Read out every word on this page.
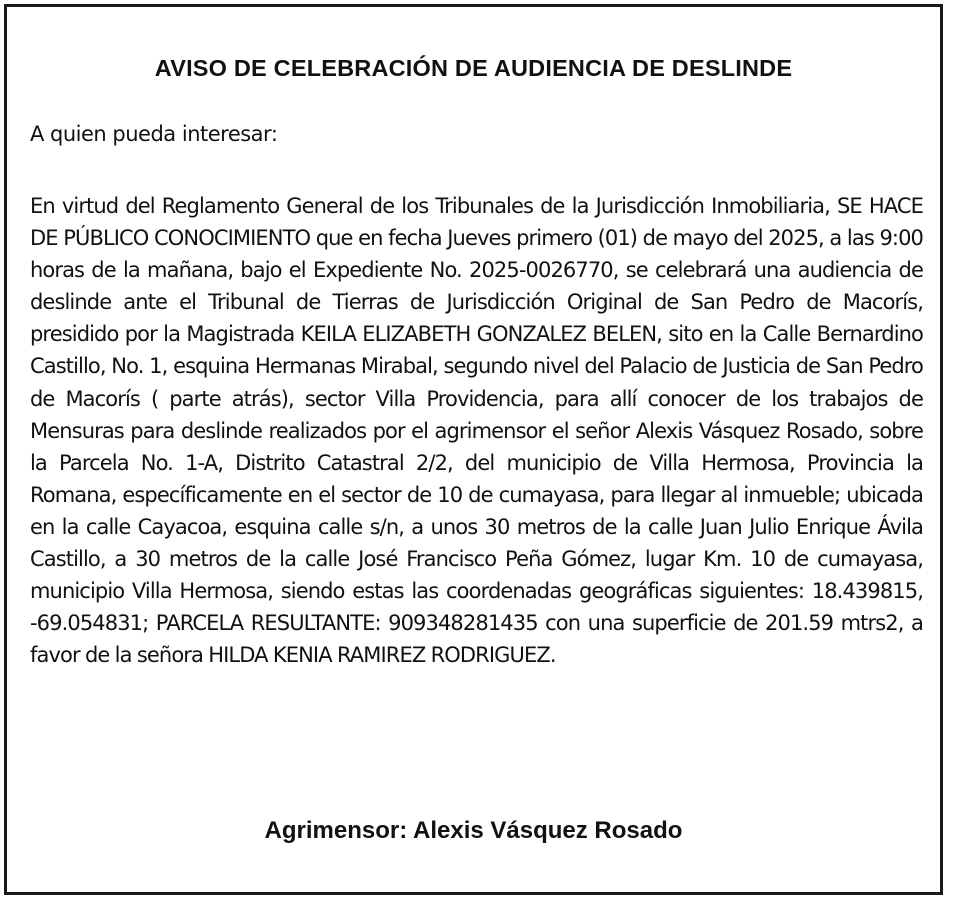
AVISO DE CELEBRACIÓN DE AUDIENCIA DE DESLINDE

A quien pueda interesar:

En virtud del Reglamento General de los Tribunales de la Jurisdicción Inmobiliaria, SE HACE DE PÚBLICO CONOCIMIENTO que en fecha Jueves primero (01) de mayo del 2025, a las 9:00 horas de la mañana, bajo el Expediente No. 2025-0026770, se celebrará una audiencia de deslinde ante el Tribunal de Tierras de Jurisdicción Original de San Pedro de Macorís, presidido por la Magistrada KEILA ELIZABETH GONZALEZ BELEN, sito en la Calle Bernardino Castillo, No. 1, esquina Hermanas Mirabal, segundo nivel del Palacio de Justicia de San Pedro de Macorís ( parte atrás), sector Villa Providencia, para allí conocer de los trabajos de Mensuras para deslinde realizados por el agrimensor el señor Alexis Vásquez Rosado, sobre la Parcela No. 1-A, Distrito Catastral 2/2, del municipio de Villa Hermosa, Provincia la Romana, específicamente en el sector de 10 de cumayasa, para llegar al inmueble; ubicada en la calle Cayacoa, esquina calle s/n, a unos 30 metros de la calle Juan Julio Enrique Ávila Castillo, a 30 metros de la calle José Francisco Peña Gómez, lugar Km. 10 de cumayasa, municipio Villa Hermosa, siendo estas las coordenadas geográficas siguientes: 18.439815, -69.054831; PARCELA RESULTANTE: 909348281435 con una superficie de 201.59 mtrs2, a favor de la señora HILDA KENIA RAMIREZ RODRIGUEZ.

Agrimensor: Alexis Vásquez Rosado
